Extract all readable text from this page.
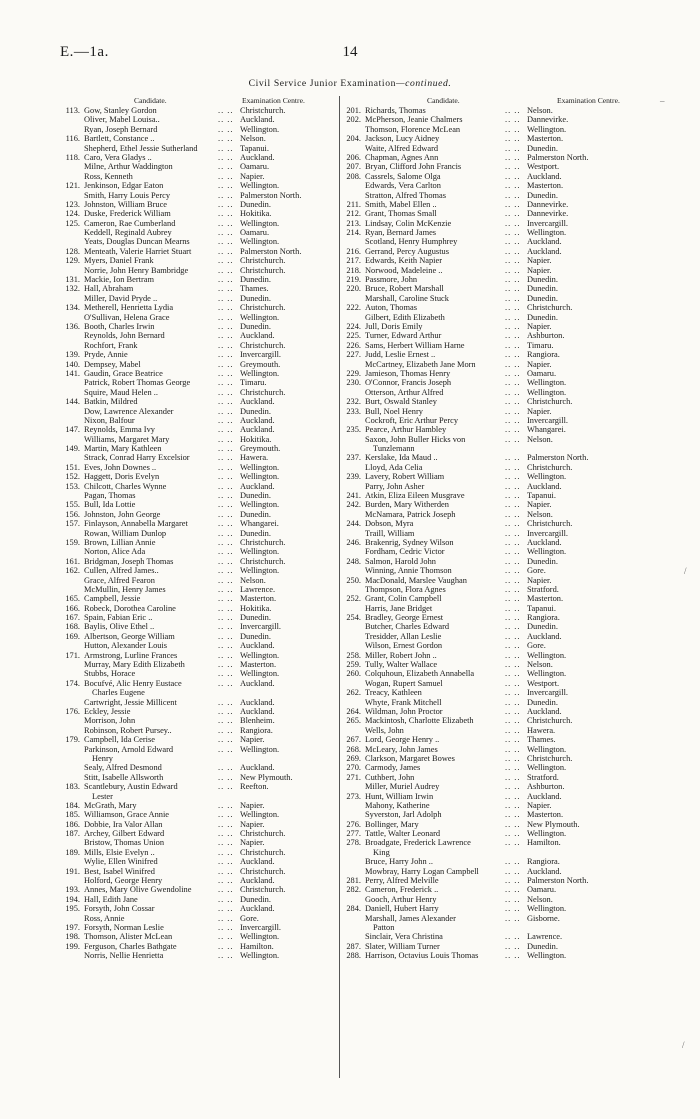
E.—1a.	14
Civil Service Junior Examination—continued.
Candidate.	Examination Centre.
113. Gow, Stanley Gordon	.. .. Christchurch.
Oliver, Mabel Louisa..	.. .. Auckland.
Ryan, Joseph Bernard	.. .. Wellington.
116. Bartlett, Constance ..	.. .. Nelson.
Shepherd, Ethel Jessie Sutherland	.. .. Tapanui.
118. Caro, Vera Gladys ..	.. .. Auckland.
Milne, Arthur Waddington	.. .. Oamaru.
Ross, Kenneth	.. .. Napier.
121. Jenkinson, Edgar Eaton	.. .. Wellington.
Smith, Harry Louis Percy	.. .. Palmerston North.
123. Johnston, William Bruce	.. .. Dunedin.
124. Duske, Frederick William	.. .. Hokitika.
125. Cameron, Rae Cumberland	.. .. Wellington.
Keddell, Reginald Aubrey	.. .. Oamaru.
Yeats, Douglas Duncan Mearns	.. .. Wellington.
128. Menteath, Valerie Harriet Stuart	.. .. Palmerston North.
129. Myers, Daniel Frank	.. .. Christchurch.
Norrie, John Henry Bambridge	.. .. Christchurch.
131. Mackie, Ion Bertram	.. .. Dunedin.
132. Hall, Abraham	.. .. Thames.
Miller, David Pryde ..	.. .. Dunedin.
134. Metherell, Henrietta Lydia	.. .. Christchurch.
O'Sullivan, Helena Grace	.. .. Wellington.
136. Booth, Charles Irwin	.. .. Dunedin.
Reynolds, John Bernard	.. .. Auckland.
Rochfort, Frank	.. .. Christchurch.
139. Pryde, Annie	.. .. Invercargill.
140. Dempsey, Mabel	.. .. Greymouth.
141. Gaudin, Grace Beatrice	.. .. Wellington.
Patrick, Robert Thomas George	.. .. Timaru.
Squire, Maud Helen ..	.. .. Christchurch.
144. Batkin, Mildred	.. .. Auckland.
Dow, Lawrence Alexander	.. .. Dunedin.
Nixon, Balfour	.. .. Auckland.
147. Reynolds, Emma Ivy	.. .. Auckland.
Williams, Margaret Mary	.. .. Hokitika.
149. Martin, Mary Kathleen	.. .. Greymouth.
Strack, Conrad Harry Excelsior	.. .. Hawera.
151. Eves, John Downes ..	.. .. Wellington.
152. Haggett, Doris Evelyn	.. .. Wellington.
153. Chilcott, Charles Wynne	.. .. Auckland.
Pagan, Thomas	.. .. Dunedin.
155. Bull, Ida Lottie	.. .. Wellington.
156. Johnston, John George	.. .. Dunedin.
157. Finlayson, Annabella Margaret	.. .. Whangarei.
Rowan, William Dunlop	.. .. Dunedin.
159. Brown, Lillian Annie	.. .. Christchurch.
Norton, Alice Ada	.. .. Wellington.
161. Bridgman, Joseph Thomas	.. .. Christchurch.
162. Cullen, Alfred James..	.. .. Wellington.
Grace, Alfred Fearon	.. .. Nelson.
McMullin, Henry James	.. .. Lawrence.
165. Campbell, Jessie	.. .. Masterton.
166. Robeck, Dorothea Caroline	.. .. Hokitika.
167. Spain, Fabian Eric ..	.. .. Dunedin.
168. Baylis, Olive Ethel ..	.. .. Invercargill.
169. Albertson, George William	.. .. Dunedin.
Hutton, Alexander Louis	.. .. Auckland.
171. Armstrong, Lurline Frances	.. .. Wellington.
Murray, Mary Edith Elizabeth	.. .. Masterton.
Stubbs, Horace	.. .. Wellington.
174. Bocufvé, Alic Henry Eustace	.. .. Auckland.
Charles Eugene
Cartwright, Jessie Millicent	.. .. Auckland.
176. Eckley, Jessie	.. .. Auckland.
Morrison, John	.. .. Blenheim.
Robinson, Robert Pursey..	.. .. Rangiora.
179. Campbell, Ida Cerise	.. .. Napier.
Parkinson, Arnold Edward	.. .. Wellington.
Henry
Sealy, Alfred Desmond	.. .. Auckland.
Stitt, Isabelle Allsworth	.. .. New Plymouth.
183. Scantlebury, Austin Edward	.. .. Reefton.
Lester
184. McGrath, Mary	.. .. Napier.
185. Williamson, Grace Annie	.. .. Wellington.
186. Dobbie, Ira Valor Allan	.. .. Napier.
187. Archey, Gilbert Edward	.. .. Christchurch.
Bristow, Thomas Union	.. .. Napier.
189. Mills, Elsie Evelyn ..	.. .. Christchurch.
Wylie, Ellen Winifred	.. .. Auckland.
191. Best, Isabel Winifred	.. .. Christchurch.
Holford, George Henry	.. .. Auckland.
193. Annes, Mary Olive Gwendoline	.. .. Christchurch.
194. Hall, Edith Jane	.. .. Dunedin.
195. Forsyth, John Cossar	.. .. Auckland.
Ross, Annie	.. .. Gore.
197. Forsyth, Norman Leslie	.. .. Invercargill.
198. Thomson, Alister McLean	.. .. Wellington.
199. Ferguson, Charles Bathgate	.. .. Hamilton.
Norris, Nellie Henrietta	.. .. Wellington.
Candidate.	Examination Centre.
201. Richards, Thomas	.. .. Nelson.
202. McPherson, Jeanie Chalmers	.. .. Dannevirke.
Thomson, Florence McLean	.. .. Wellington.
204. Jackson, Lucy Aidney	.. .. Masterton.
Waite, Alfred Edward	.. .. Dunedin.
206. Chapman, Agnes Ann	.. .. Palmerston North.
207. Bryan, Clifford John Francis	.. .. Westport.
208. Cassrels, Salome Olga	.. .. Auckland.
Edwards, Vera Carlton	.. .. Masterton.
Stratton, Alfred Thomas	.. .. Dunedin.
211. Smith, Mabel Ellen ..	.. .. Dannevirke.
212. Grant, Thomas Small	.. .. Dannevirke.
213. Lindsay, Colin McKenzie	.. .. Invercargill.
214. Ryan, Bernard James	.. .. Wellington.
Scotland, Henry Humphrey	.. .. Auckland.
216. Gerrand, Percy Augustus	.. .. Auckland.
217. Edwards, Keith Napier	.. .. Napier.
218. Norwood, Madeleine ..	.. .. Napier.
219. Passmore, John	.. .. Dunedin.
220. Bruce, Robert Marshall	.. .. Dunedin.
Marshall, Caroline Stuck	.. .. Dunedin.
222. Auton, Thomas	.. .. Christchurch.
Gilbert, Edith Elizabeth	.. .. Dunedin.
224. Jull, Doris Emily	.. .. Napier.
225. Turner, Edward Arthur	.. .. Ashburton.
226. Sams, Herbert William Harne	.. .. Timaru.
227. Judd, Leslie Ernest ..	.. .. Rangiora.
McCartney, Elizabeth Jane Morn	.. .. Napier.
229. Jamieson, Thomas Henry	.. .. Oamaru.
230. O'Connor, Francis Joseph	.. .. Wellington.
Otterson, Arthur Alfred	.. .. Wellington.
232. Burt, Oswald Stanley	.. .. Christchurch.
233. Bull, Noel Henry	.. .. Napier.
Cockroft, Eric Arthur Percy	.. .. Invercargill.
235. Pearce, Arthur Hambley	.. .. Whangarei.
Saxon, John Buller Hicks von	.. .. Nelson.
Tunzlemann
237. Kerslake, Ida Maud ..	.. .. Palmerston North.
Lloyd, Ada Celia	.. .. Christchurch.
239. Lavery, Robert William	.. .. Wellington.
Parry, John Asher	.. .. Auckland.
241. Atkin, Eliza Eileen Musgrave	.. .. Tapanui.
242. Burden, Mary Witherden	.. .. Napier.
McNamara, Patrick Joseph	.. .. Nelson.
244. Dobson, Myra	.. .. Christchurch.
Traill, William	.. .. Invercargill.
246. Brakenrig, Sydney Wilson	.. .. Auckland.
Fordham, Cedric Victor	.. .. Wellington.
248. Salmon, Harold John	.. .. Dunedin.
Winning, Annie Thomson	.. .. Gore.
250. MacDonald, Marslee Vaughan	.. .. Napier.
Thompson, Flora Agnes	.. .. Stratford.
252. Grant, Colin Campbell	.. .. Masterton.
Harris, Jane Bridget	.. .. Tapanui.
254. Bradley, George Ernest	.. .. Rangiora.
Butcher, Charles Edward	.. .. Dunedin.
Tresidder, Allan Leslie	.. .. Auckland.
Wilson, Ernest Gordon	.. .. Gore.
258. Miller, Robert John ..	.. .. Wellington.
259. Tully, Walter Wallace	.. .. Nelson.
260. Colquhoun, Elizabeth Annabella	.. .. Wellington.
Wogan, Rupert Samuel	.. .. Westport.
262. Treacy, Kathleen	.. .. Invercargill.
Whyte, Frank Mitchell	.. .. Dunedin.
264. Wildman, John Proctor	.. .. Auckland.
265. Mackintosh, Charlotte Elizabeth	.. .. Christchurch.
Wells, John	.. .. Hawera.
267. Lord, George Henry ..	.. .. Thames.
268. McLeary, John James	.. .. Wellington.
269. Clarkson, Margaret Bowes	.. .. Christchurch.
270. Carmody, James	.. .. Wellington.
271. Cuthbert, John	.. .. Stratford.
Miller, Muriel Audrey	.. .. Ashburton.
273. Hunt, William Irwin	.. .. Auckland.
Mahony, Katherine	.. .. Napier.
Syverston, Jarl Adolph	.. .. Masterton.
276. Bollinger, Mary	.. .. New Plymouth.
277. Tattle, Walter Leonard	.. .. Wellington.
278. Broadgate, Frederick Lawrence	.. .. Hamilton.
King
Bruce, Harry John ..	.. .. Rangiora.
Mowbray, Harry Logan Campbell	.. .. Auckland.
281. Perry, Alfred Melville	.. .. Palmerston North.
282. Cameron, Frederick ..	.. .. Oamaru.
Gooch, Arthur Henry	.. .. Nelson.
284. Daniell, Hubert Harry	.. .. Wellington.
Marshall, James Alexander	.. .. Gisborne.
Patton
Sinclair, Vera Christina	.. .. Lawrence.
287. Slater, William Turner	.. .. Dunedin.
288. Harrison, Octavius Louis Thomas	.. .. Wellington.
–
/
/
